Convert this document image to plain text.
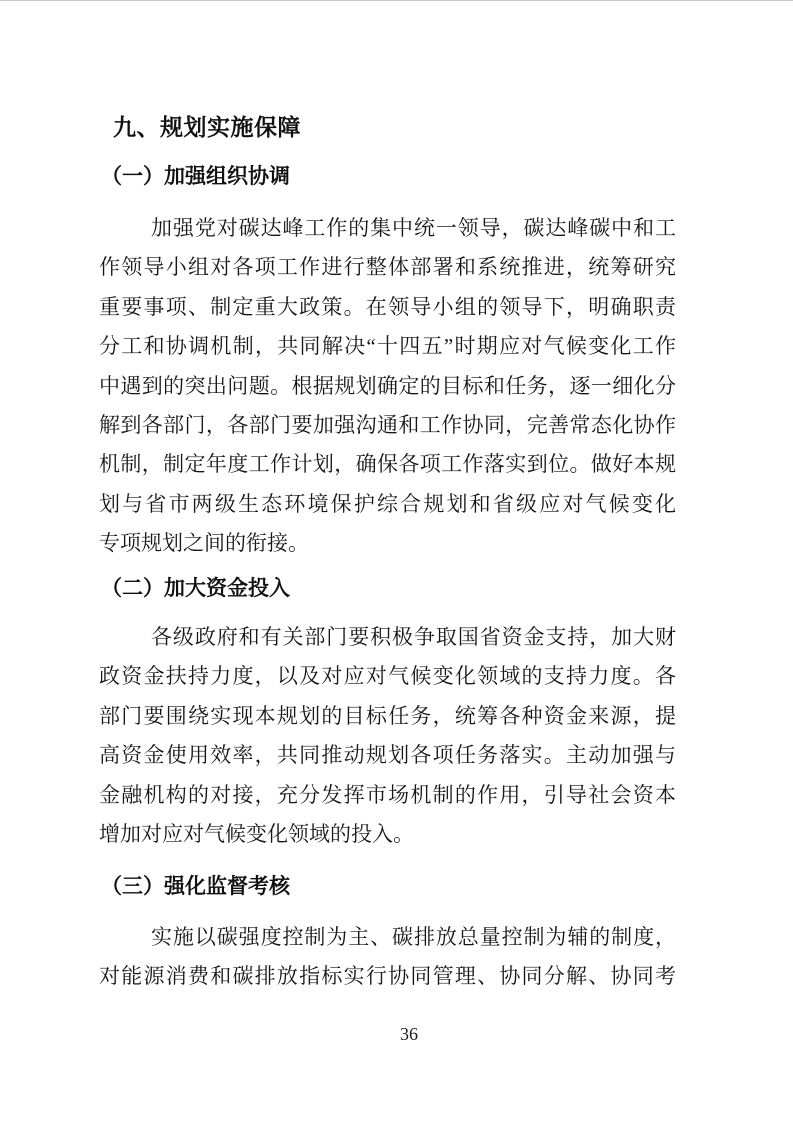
九、规划实施保障
（一）加强组织协调
加强党对碳达峰工作的集中统一领导，碳达峰碳中和工
作领导小组对各项工作进行整体部署和系统推进，统筹研究
重要事项、制定重大政策。在领导小组的领导下，明确职责
分工和协调机制，共同解决“十四五”时期应对气候变化工作
中遇到的突出问题。根据规划确定的目标和任务，逐一细化分
解到各部门，各部门要加强沟通和工作协同，完善常态化协作
机制，制定年度工作计划，确保各项工作落实到位。做好本规
划与省市两级生态环境保护综合规划和省级应对气候变化
专项规划之间的衔接。
（二）加大资金投入
各级政府和有关部门要积极争取国省资金支持，加大财
政资金扶持力度，以及对应对气候变化领域的支持力度。各
部门要围绕实现本规划的目标任务，统筹各种资金来源，提
高资金使用效率，共同推动规划各项任务落实。主动加强与
金融机构的对接，充分发挥市场机制的作用，引导社会资本
增加对应对气候变化领域的投入。
（三）强化监督考核
实施以碳强度控制为主、碳排放总量控制为辅的制度，
对能源消费和碳排放指标实行协同管理、协同分解、协同考
36
